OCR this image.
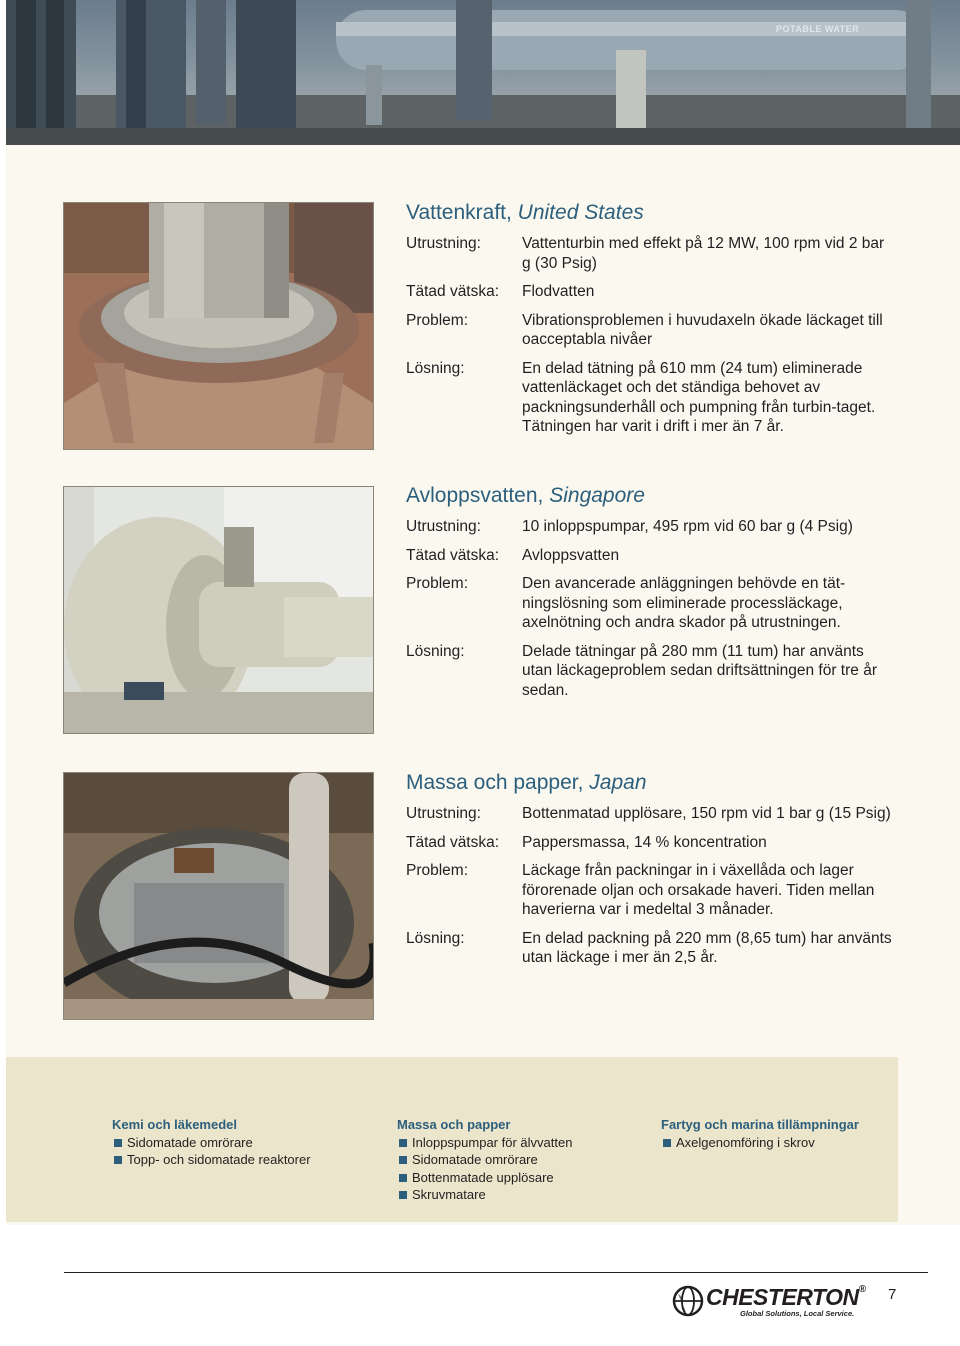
POTABLE WATER
Vattenkraft, United States
Utrustning:	Vattenturbin med effekt på 12 MW, 100 rpm vid 2 bar g (30 Psig)
Tätad vätska:	Flodvatten
Problem:	Vibrationsproblemen i huvudaxeln ökade läckaget till oacceptabla nivåer
Lösning:	En delad tätning på 610 mm (24 tum) eliminerade vattenläckaget och det ständiga behovet av packningsunderhåll och pumpning från turbin-taget. Tätningen har varit i drift i mer än 7 år.
Avloppsvatten, Singapore
Utrustning:	10 inloppspumpar, 495 rpm vid 60 bar g (4 Psig)
Tätad vätska:	Avloppsvatten
Problem:	Den avancerade anläggningen behövde en tät-ningslösning som eliminerade processläckage, axelnötning och andra skador på utrustningen.
Lösning:	Delade tätningar på 280 mm (11 tum) har använts utan läckageproblem sedan driftsättningen för tre år sedan.
Massa och papper, Japan
Utrustning:	Bottenmatad upplösare, 150 rpm vid 1 bar g (15 Psig)
Tätad vätska:	Pappersmassa, 14 % koncentration
Problem:	Läckage från packningar in i växellåda och lager förorenade oljan och orsakade haveri. Tiden mellan haverierna var i medeltal 3 månader.
Lösning:	En delad packning på 220 mm (8,65 tum) har använts utan läckage i mer än 2,5 år.
Kemi och läkemedel
Sidomatade omrörare
Topp- och sidomatade reaktorer
Massa och papper
Inloppspumpar för älvvatten
Sidomatade omrörare
Bottenmatade upplösare
Skruvmatare
Fartyg och marina tillämpningar
Axelgenomföring i skrov
CHESTERTON®
Global Solutions, Local Service.
7
